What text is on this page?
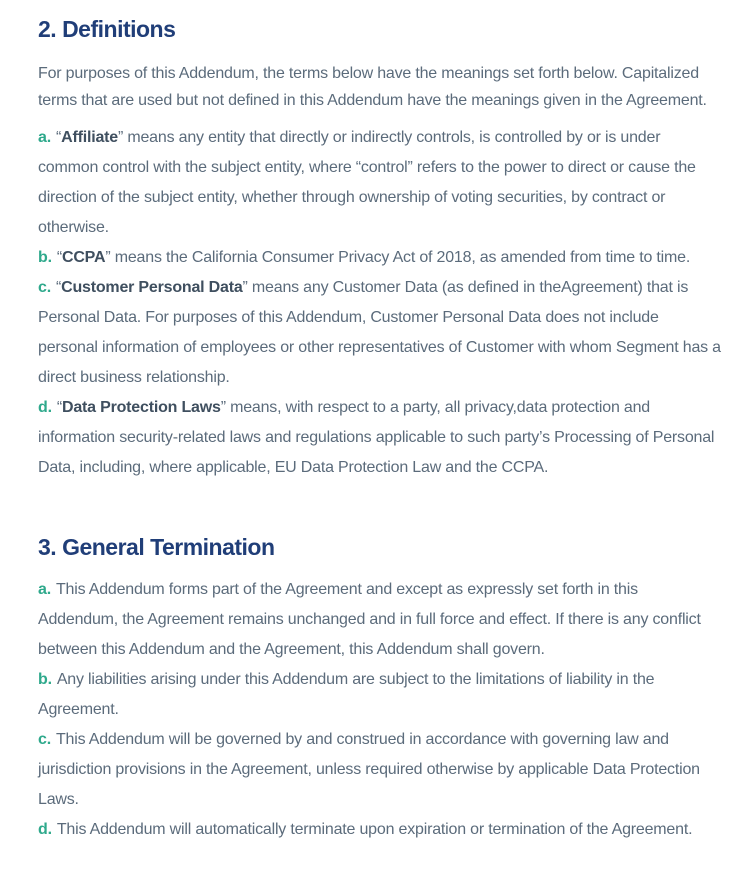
2. Definitions

For purposes of this Addendum, the terms below have the meanings set forth below. Capitalized terms that are used but not defined in this Addendum have the meanings given in the Agreement.

a. “Affiliate” means any entity that directly or indirectly controls, is controlled by or is under common control with the subject entity, where “control” refers to the power to direct or cause the direction of the subject entity, whether through ownership of voting securities, by contract or otherwise.

b. “CCPA” means the California Consumer Privacy Act of 2018, as amended from time to time.

c. “Customer Personal Data” means any Customer Data (as defined in theAgreement) that is Personal Data. For purposes of this Addendum, Customer Personal Data does not include personal information of employees or other representatives of Customer with whom Segment has a direct business relationship.

d. “Data Protection Laws” means, with respect to a party, all privacy,data protection and information security-related laws and regulations applicable to such party’s Processing of Personal Data, including, where applicable, EU Data Protection Law and the CCPA.

3. General Termination

a. This Addendum forms part of the Agreement and except as expressly set forth in this Addendum, the Agreement remains unchanged and in full force and effect. If there is any conflict between this Addendum and the Agreement, this Addendum shall govern.

b. Any liabilities arising under this Addendum are subject to the limitations of liability in the Agreement.

c. This Addendum will be governed by and construed in accordance with governing law and jurisdiction provisions in the Agreement, unless required otherwise by applicable Data Protection Laws.

d. This Addendum will automatically terminate upon expiration or termination of the Agreement.
